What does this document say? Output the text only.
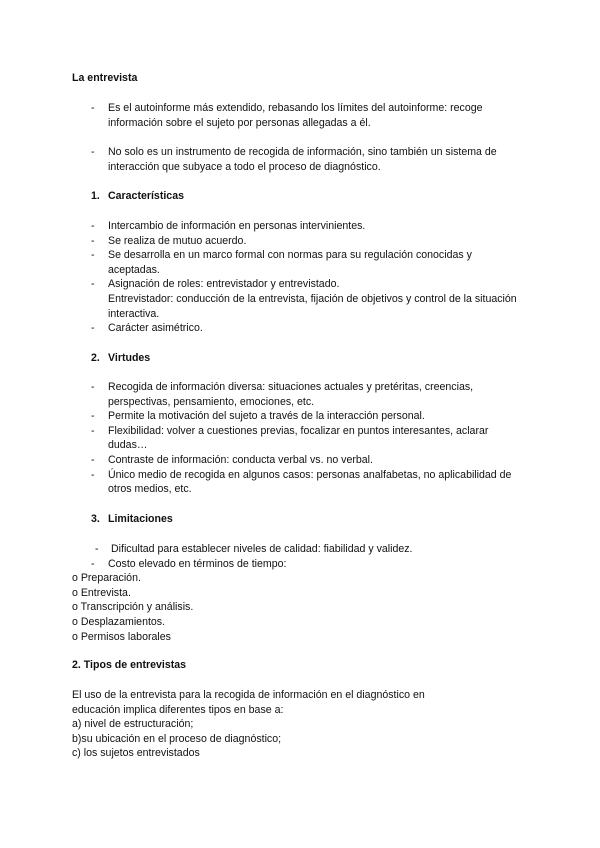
La entrevista
- Es el autoinforme más extendido, rebasando los límites del autoinforme: recoge información sobre el sujeto por personas allegadas a él.
- No solo es un instrumento de recogida de información, sino también un sistema de interacción que subyace a todo el proceso de diagnóstico.
1. Características
- Intercambio de información en personas intervinientes.
- Se realiza de mutuo acuerdo.
- Se desarrolla en un marco formal con normas para su regulación conocidas y aceptadas.
- Asignación de roles: entrevistador y entrevistado.
Entrevistador: conducción de la entrevista, fijación de objetivos y control de la situación interactiva.
- Carácter asimétrico.
2. Virtudes
- Recogida de información diversa: situaciones actuales y pretéritas, creencias, perspectivas, pensamiento, emociones, etc.
- Permite la motivación del sujeto a través de la interacción personal.
- Flexibilidad: volver a cuestiones previas, focalizar en puntos interesantes, aclarar dudas…
- Contraste de información: conducta verbal vs. no verbal.
- Único medio de recogida en algunos casos: personas analfabetas, no aplicabilidad de otros medios, etc.
3. Limitaciones
- Dificultad para establecer niveles de calidad: fiabilidad y validez.
- Costo elevado en términos de tiempo:
o Preparación.
o Entrevista.
o Transcripción y análisis.
o Desplazamientos.
o Permisos laborales
2. Tipos de entrevistas
El uso de la entrevista para la recogida de información en el diagnóstico en educación implica diferentes tipos en base a:
a) nivel de estructuración;
b)su ubicación en el proceso de diagnóstico;
c) los sujetos entrevistados
